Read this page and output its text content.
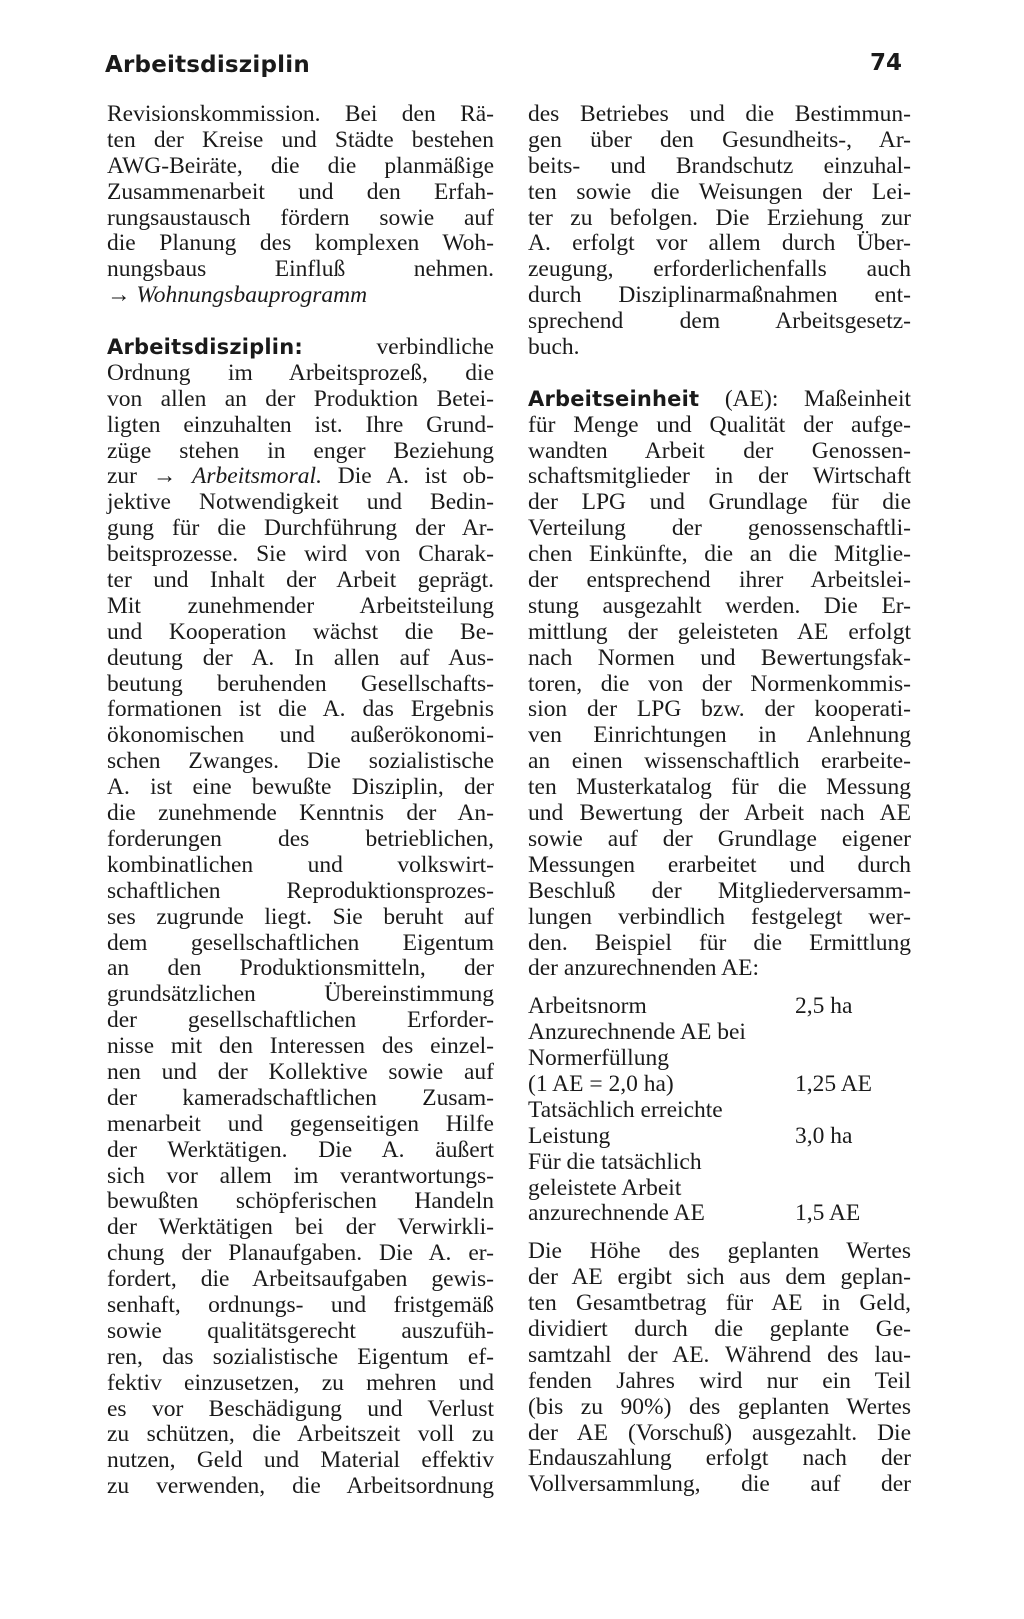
Arbeitsdisziplin	74
Revisionskommission. Bei den Rä-
ten der Kreise und Städte bestehen
AWG-Beiräte, die die planmäßige
Zusammenarbeit und den Erfah-
rungsaustausch fördern sowie auf
die Planung des komplexen Woh-
nungsbaus Einfluß nehmen.
→ Wohnungsbauprogramm
Arbeitsdisziplin:	verbindliche
Ordnung im Arbeitsprozeß, die
von allen an der Produktion Betei-
ligten einzuhalten ist. Ihre Grund-
züge stehen in enger Beziehung
zur → Arbeitsmoral. Die A. ist ob-
jektive Notwendigkeit und Bedin-
gung für die Durchführung der Ar-
beitsprozesse. Sie wird von Charak-
ter und Inhalt der Arbeit geprägt.
Mit zunehmender Arbeitsteilung
und Kooperation wächst die Be-
deutung der A. In allen auf Aus-
beutung beruhenden Gesellschafts-
formationen ist die A. das Ergebnis
ökonomischen und außerökonomi-
schen Zwanges. Die sozialistische
A. ist eine bewußte Disziplin, der
die zunehmende Kenntnis der An-
forderungen des betrieblichen,
kombinatlichen und volkswirt-
schaftlichen Reproduktionsprozes-
ses zugrunde liegt. Sie beruht auf
dem gesellschaftlichen Eigentum
an den Produktionsmitteln, der
grundsätzlichen Übereinstimmung
der gesellschaftlichen Erforder-
nisse mit den Interessen des einzel-
nen und der Kollektive sowie auf
der kameradschaftlichen Zusam-
menarbeit und gegenseitigen Hilfe
der Werktätigen. Die A. äußert
sich vor allem im verantwortungs-
bewußten schöpferischen Handeln
der Werktätigen bei der Verwirkli-
chung der Planaufgaben. Die A. er-
fordert, die Arbeitsaufgaben gewis-
senhaft, ordnungs- und fristgemäß
sowie qualitätsgerecht auszufüh-
ren, das sozialistische Eigentum ef-
fektiv einzusetzen, zu mehren und
es vor Beschädigung und Verlust
zu schützen, die Arbeitszeit voll zu
nutzen, Geld und Material effektiv
zu verwenden, die Arbeitsordnung
des Betriebes und die Bestimmun-
gen über den Gesundheits-, Ar-
beits- und Brandschutz einzuhal-
ten sowie die Weisungen der Lei-
ter zu befolgen. Die Erziehung zur
A. erfolgt vor allem durch Über-
zeugung, erforderlichenfalls auch
durch Disziplinarmaßnahmen ent-
sprechend dem Arbeitsgesetz-
buch.
Arbeitseinheit (AE): Maßeinheit
für Menge und Qualität der aufge-
wandten Arbeit der Genossen-
schaftsmitglieder in der Wirtschaft
der LPG und Grundlage für die
Verteilung der genossenschaftli-
chen Einkünfte, die an die Mitglie-
der entsprechend ihrer Arbeitslei-
stung ausgezahlt werden. Die Er-
mittlung der geleisteten AE erfolgt
nach Normen und Bewertungsfak-
toren, die von der Normenkommis-
sion der LPG bzw. der kooperati-
ven Einrichtungen in Anlehnung
an einen wissenschaftlich erarbeite-
ten Musterkatalog für die Messung
und Bewertung der Arbeit nach AE
sowie auf der Grundlage eigener
Messungen erarbeitet und durch
Beschluß der Mitgliederversamm-
lungen verbindlich festgelegt wer-
den. Beispiel für die Ermittlung
der anzurechnenden AE:
Arbeitsnorm	2,5 ha
Anzurechnende AE bei
Normerfüllung
(1 AE = 2,0 ha)	1,25 AE
Tatsächlich erreichte
Leistung	3,0 ha
Für die tatsächlich
geleistete Arbeit
anzurechnende AE	1,5 AE
Die Höhe des geplanten Wertes
der AE ergibt sich aus dem geplan-
ten Gesamtbetrag für AE in Geld,
dividiert durch die geplante Ge-
samtzahl der AE. Während des lau-
fenden Jahres wird nur ein Teil
(bis zu 90%) des geplanten Wertes
der AE (Vorschuß) ausgezahlt. Die
Endauszahlung erfolgt nach der
Vollversammlung, die auf der
